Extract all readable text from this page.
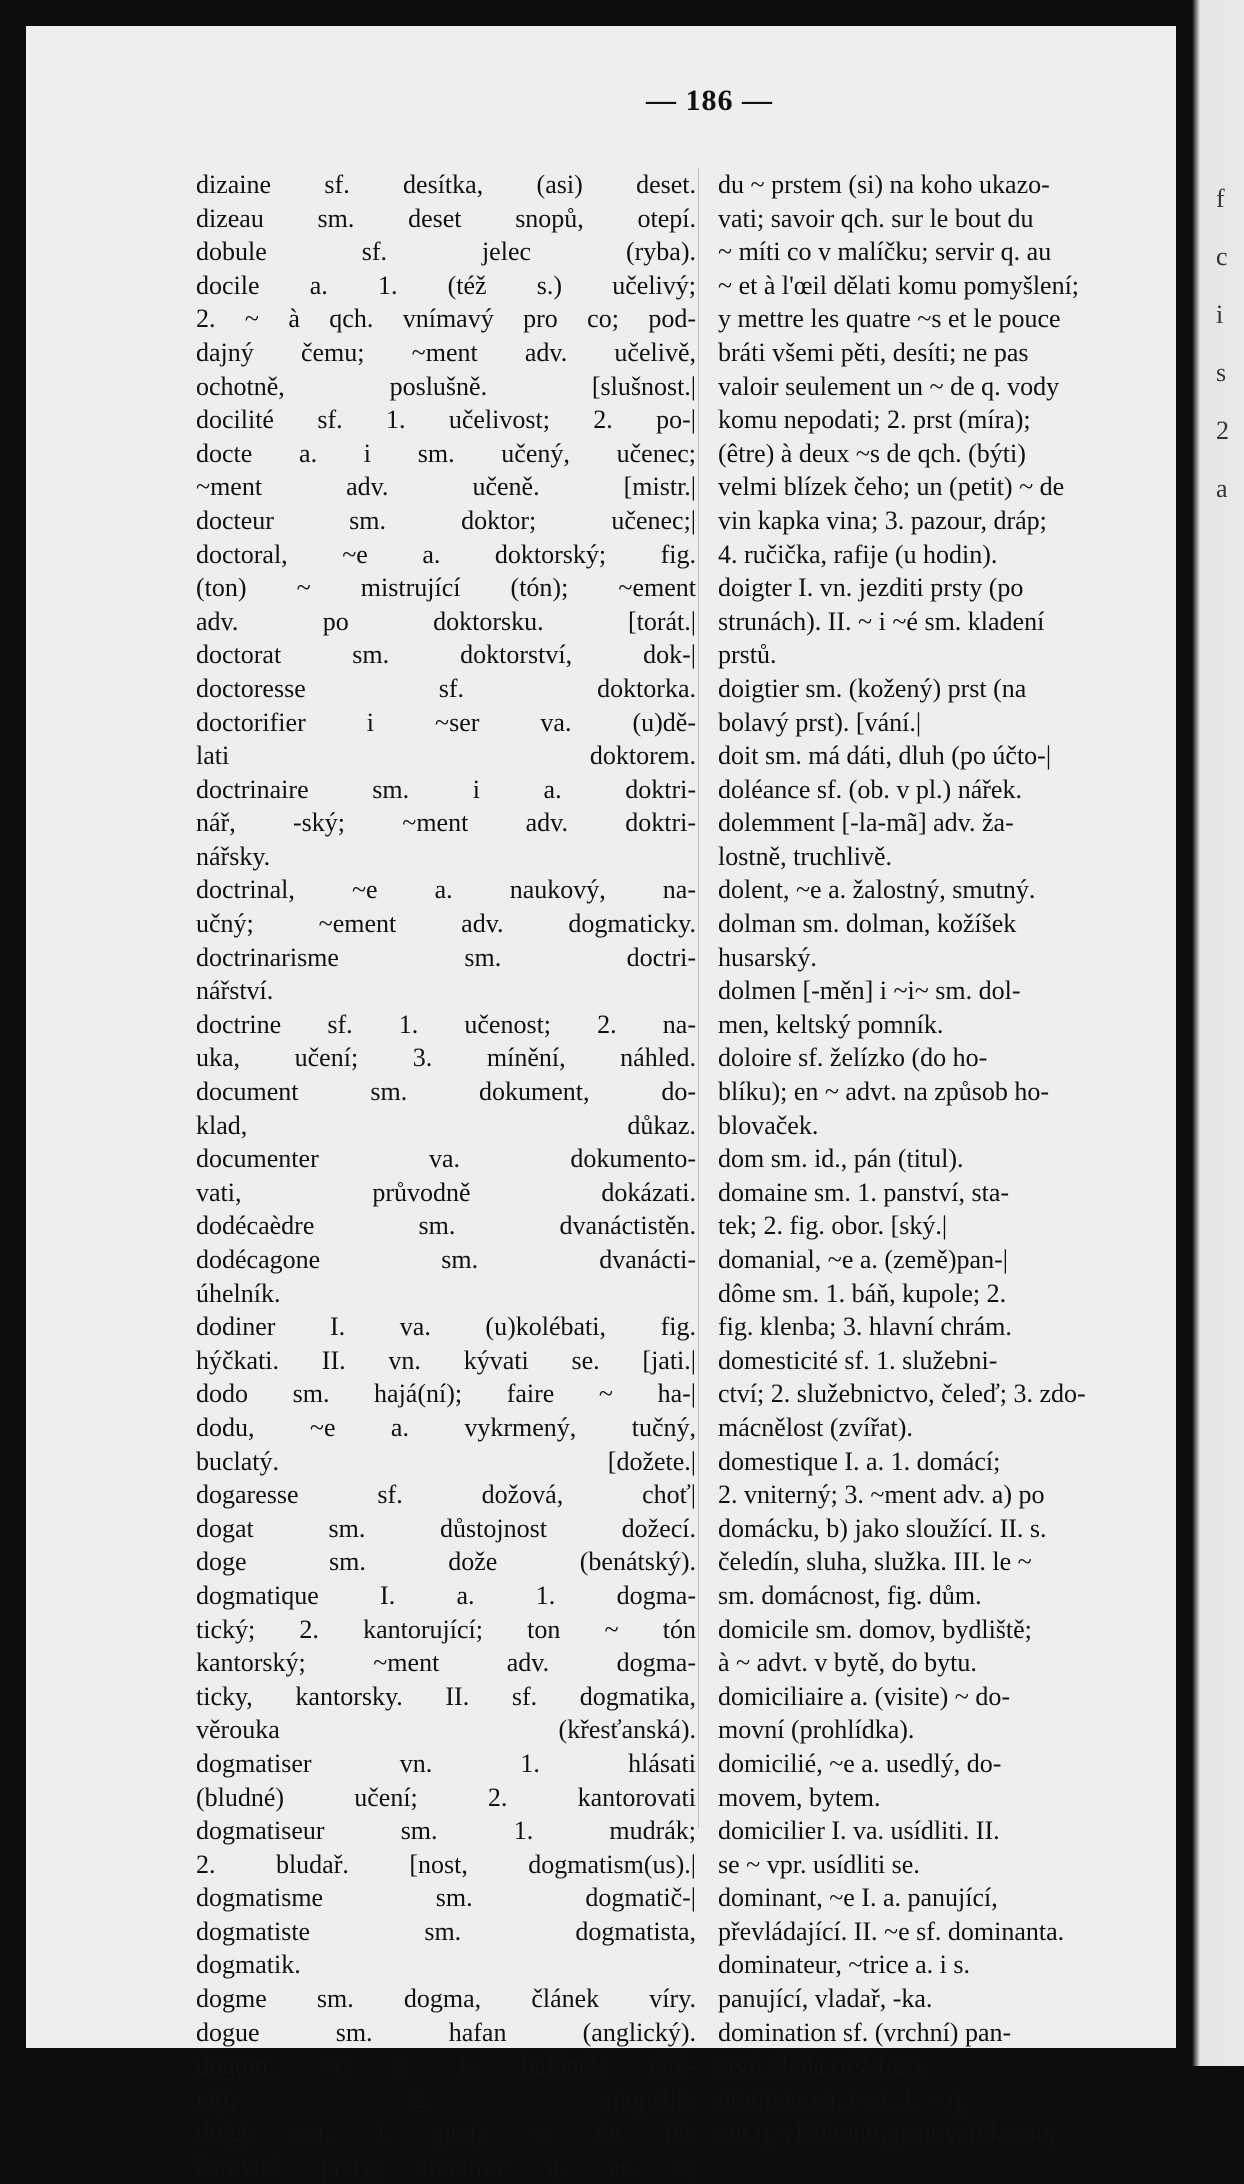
— 186 —
dizaine sf. desítka, (asi) deset.
dizeau sm. deset snopů, otepí.
dobule sf. jelec (ryba).
docile a. 1. (též s.) učelivý;
2. ~ à qch. vnímavý pro co; pod-
dajný čemu; ~ment adv. učelivě,
ochotně, poslušně. [slušnost.|
docilité sf. 1. učelivost; 2. po-|
docte a. i sm. učený, učenec;
~ment adv. učeně. [mistr.|
docteur sm. doktor; učenec;|
doctoral, ~e a. doktorský; fig.
(ton) ~ mistrující (tón); ~ement
adv. po doktorsku. [torát.|
doctorat sm. doktorství, dok-|
doctoresse sf. doktorka.
doctorifier i ~ser va. (u)dě-
lati doktorem.
doctrinaire sm. i a. doktri-
nář, -ský; ~ment adv. doktri-
nářsky.
doctrinal, ~e a. naukový, na-
učný; ~ement adv. dogmaticky.
doctrinarisme sm. doctri-
nářství.
doctrine sf. 1. učenost; 2. na-
uka, učení; 3. mínění, náhled.
document sm. dokument, do-
klad, důkaz.
documenter va. dokumento-
vati, průvodně dokázati.
dodécaèdre sm. dvanáctistěn.
dodécagone sm. dvanácti-
úhelník.
dodiner I. va. (u)kolébati, fig.
hýčkati. II. vn. kývati se. [jati.|
dodo sm. hajá(ní); faire ~ ha-|
dodu, ~e a. vykrmený, tučný,
buclatý. [dožete.|
dogaresse sf. dožová, choť|
dogat sm. důstojnost dožecí.
doge sm. dože (benátský).
dogmatique I. a. 1. dogma-
tický; 2. kantorující; ton ~ tón
kantorský; ~ment adv. dogma-
ticky, kantorsky. II. sf. dogmatika,
věrouka (křesťanská).
dogmatiser vn. 1. hlásati
(bludné) učení; 2. kantorovati
dogmatiseur sm. 1. mudrák;
2. bludař. [nost, dogmatism(us).|
dogmatisme sm. dogmatič-|
dogmatiste sm. dogmatista,
dogmatik.
dogme sm. dogma, článek víry.
dogue sm. hafan (anglický).
doguin, ~e s. 1. hafánek (ště-
ně); 2. mopslík.
doigt sm. 1. prst; ~s de fée
čarovné prsty; montrer q. au ~,
du ~ prstem (si) na koho ukazo-
vati; savoir qch. sur le bout du
~ míti co v malíčku; servir q. au
~ et à l'œil dělati komu pomyšlení;
y mettre les quatre ~s et le pouce
bráti všemi pěti, desíti; ne pas
valoir seulement un ~ de q. vody
komu nepodati; 2. prst (míra);
(être) à deux ~s de qch. (býti)
velmi blízek čeho; un (petit) ~ de
vin kapka vina; 3. pazour, dráp;
4. ručička, rafije (u hodin).
doigter I. vn. jezditi prsty (po
strunách). II. ~ i ~é sm. kladení
prstů.
doigtier sm. (kožený) prst (na
bolavý prst). [vání.|
doit sm. má dáti, dluh (po účto-|
doléance sf. (ob. v pl.) nářek.
dolemment [-la-mã] adv. ža-
lostně, truchlivě.
dolent, ~e a. žalostný, smutný.
dolman sm. dolman, kožíšek
husarský.
dolmen [-měn] i ~i~ sm. dol-
men, keltský pomník.
doloire sf. želízko (do ho-
blíku); en ~ advt. na způsob ho-
blovaček.
dom sm. id., pán (titul).
domaine sm. 1. panství, sta-
tek; 2. fig. obor. [ský.|
domanial, ~e a. (země)pan-|
dôme sm. 1. báň, kupole; 2.
fig. klenba; 3. hlavní chrám.
domesticité sf. 1. služebni-
ctví; 2. služebnictvo, čeleď; 3. zdo-
mácnělost (zvířat).
domestique I. a. 1. domácí;
2. vniterný; 3. ~ment adv. a) po
domácku, b) jako sloužící. II. s.
čeledín, sluha, služka. III. le ~
sm. domácnost, fig. dům.
domicile sm. domov, bydliště;
à ~ advt. v bytě, do bytu.
domiciliaire a. (visite) ~ do-
movní (prohlídka).
domicilié, ~e a. usedlý, do-
movem, bytem.
domicilier I. va. usídliti. II.
se ~ vpr. usídliti se.
dominant, ~e I. a. panující,
převládající. II. ~e sf. dominanta.
dominateur, ~trice a. i s.
panující, vladař, -ka.
domination sf. (vrchní) pan-
ství, vláda (též fig.).
dominer va. i vn. 1. ~ q.
sur q. vládnouti, panovati komu;
f
c
i
s
2
a
